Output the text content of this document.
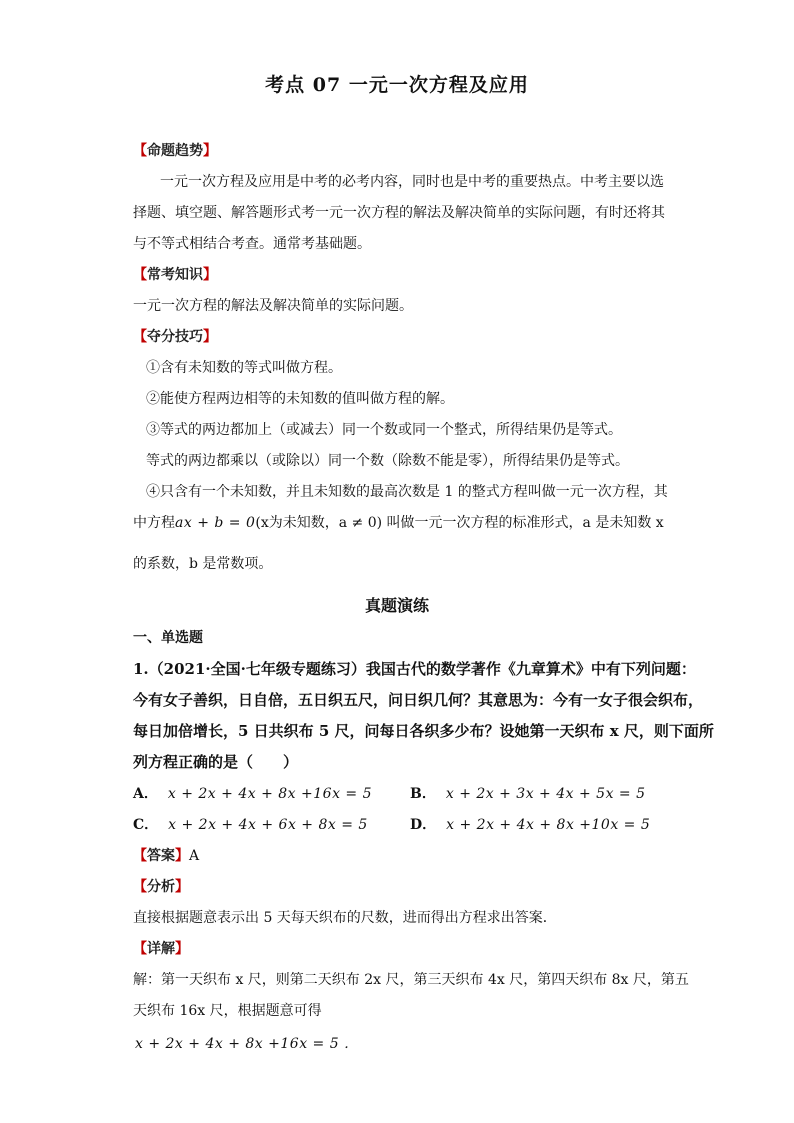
考点 07 一元一次方程及应用
【命题趋势】
一元一次方程及应用是中考的必考内容，同时也是中考的重要热点。中考主要以选
择题、填空题、解答题形式考一元一次方程的解法及解决简单的实际问题，有时还将其
与不等式相结合考查。通常考基础题。
【常考知识】
一元一次方程的解法及解决简单的实际问题。
【夺分技巧】
①含有未知数的等式叫做方程。
②能使方程两边相等的未知数的值叫做方程的解。
③等式的两边都加上（或减去）同一个数或同一个整式，所得结果仍是等式。
等式的两边都乘以（或除以）同一个数（除数不能是零），所得结果仍是等式。
④只含有一个未知数，并且未知数的最高次数是 1 的整式方程叫做一元一次方程，其
中方程ax + b = 0(x为未知数，a ≠ 0) 叫做一元一次方程的标准形式，a 是未知数 x
的系数，b 是常数项。
真题演练
一、单选题
1.（2021·全国·七年级专题练习）我国古代的数学著作《九章算术》中有下列问题：
今有女子善织，日自倍，五日织五尺，问日织几何？其意思为：今有一女子很会织布，
每日加倍增长，5 日共织布 5 尺，问每日各织多少布？设她第一天织布 x 尺，则下面所
列方程正确的是（　　）
A． x + 2x + 4x + 8x +16x = 5	B． x + 2x + 3x + 4x + 5x = 5
C． x + 2x + 4x + 6x + 8x = 5	D． x + 2x + 4x + 8x +10x = 5
【答案】A
【分析】
直接根据题意表示出 5 天每天织布的尺数，进而得出方程求出答案．
【详解】
解：第一天织布 x 尺，则第二天织布 2x 尺，第三天织布 4x 尺，第四天织布 8x 尺，第五
天织布 16x 尺，根据题意可得
x + 2x + 4x + 8x +16x = 5 ．
